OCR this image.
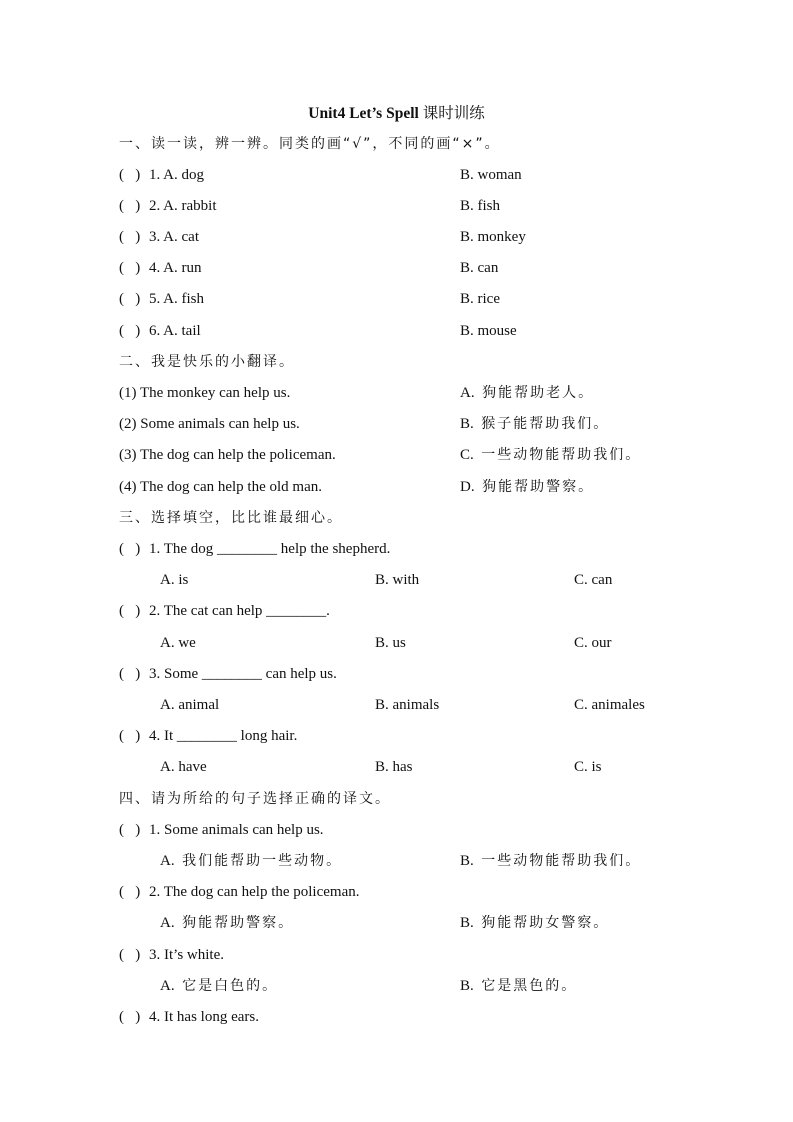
Unit4 Let’s Spell 课时训练
一、读一读，辨一辨。同类的画“√”，不同的画“×”。
(   ) 1. A. dog	B. woman
(   ) 2. A. rabbit	B. fish
(   ) 3. A. cat	B. monkey
(   ) 4. A. run	B. can
(   ) 5. A. fish	B. rice
(   ) 6. A. tail	B. mouse
二、我是快乐的小翻译。
(1) The monkey can help us.	A. 狗能帮助老人。
(2) Some animals can help us.	B. 猴子能帮助我们。
(3) The dog can help the policeman.	C. 一些动物能帮助我们。
(4) The dog can help the old man.	D. 狗能帮助警察。
三、选择填空，比比谁最细心。
(   ) 1. The dog ________ help the shepherd.
A. is	B. with	C. can
(   ) 2. The cat can help ________.
A. we	B. us	C. our
(   ) 3. Some ________ can help us.
A. animal	B. animals	C. animales
(   ) 4. It ________ long hair.
A. have	B. has	C. is
四、请为所给的句子选择正确的译文。
(   ) 1. Some animals can help us.
A. 我们能帮助一些动物。	B. 一些动物能帮助我们。
(   ) 2. The dog can help the policeman.
A. 狗能帮助警察。	B. 狗能帮助女警察。
(   ) 3. It’s white.
A. 它是白色的。	B. 它是黑色的。
(   ) 4. It has long ears.
